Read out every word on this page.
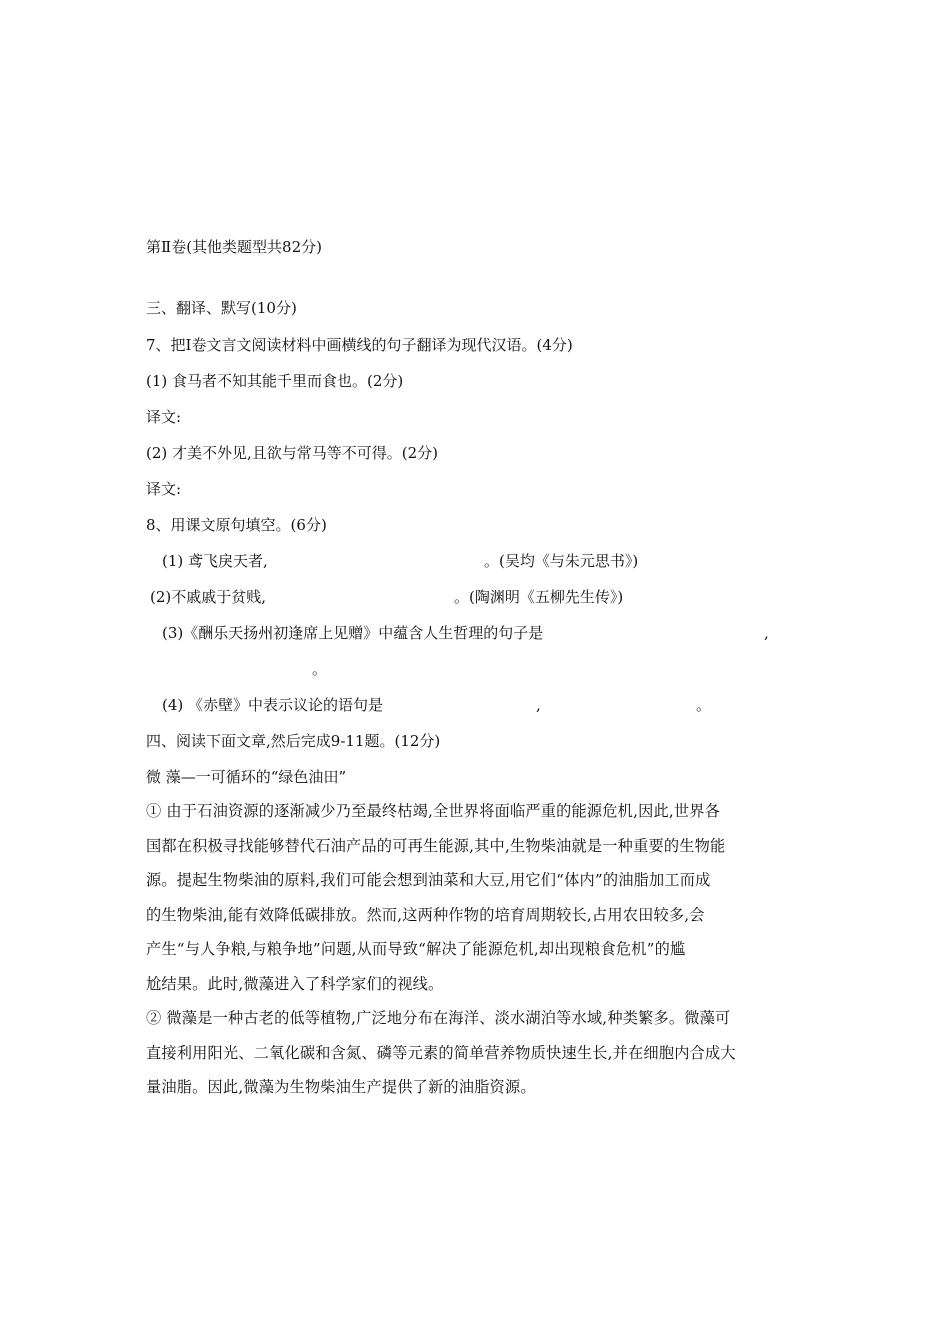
第Ⅱ卷(其他类题型共82分)
三、翻译、默写(10分)
7、把Ⅰ卷文言文阅读材料中画横线的句子翻译为现代汉语。(4分)
(1) 食马者不知其能千里而食也。(2分)
译文:
(2) 才美不外见,且欲与常马等不可得。(2分)
译文:
8、用课文原句填空。(6分)
(1) 鸢飞戾天者,	。(吴均《与朱元思书》)
(2)不戚戚于贫贱,	。(陶渊明《五柳先生传》)
(3)《酬乐天扬州初逢席上见赠》中蕴含人生哲理的句子是	,
。
(4) 《赤壁》中表示议论的语句是	,	。
四、阅读下面文章,然后完成9-11题。(12分)
微 藻—一可循环的“绿色油田”
① 由于石油资源的逐渐减少乃至最终枯竭,全世界将面临严重的能源危机,因此,世界各
国都在积极寻找能够替代石油产品的可再生能源,其中,生物柴油就是一种重要的生物能
源。提起生物柴油的原料,我们可能会想到油菜和大豆,用它们“体内”的油脂加工而成
的生物柴油,能有效降低碳排放。然而,这两种作物的培育周期较长,占用农田较多,会
产生“与人争粮,与粮争地”问题,从而导致“解决了能源危机,却出现粮食危机”的尴
尬结果。此时,微藻进入了科学家们的视线。
② 微藻是一种古老的低等植物,广泛地分布在海洋、淡水湖泊等水域,种类繁多。微藻可
直接利用阳光、二氧化碳和含氮、磷等元素的简单营养物质快速生长,并在细胞内合成大
量油脂。因此,微藻为生物柴油生产提供了新的油脂资源。
